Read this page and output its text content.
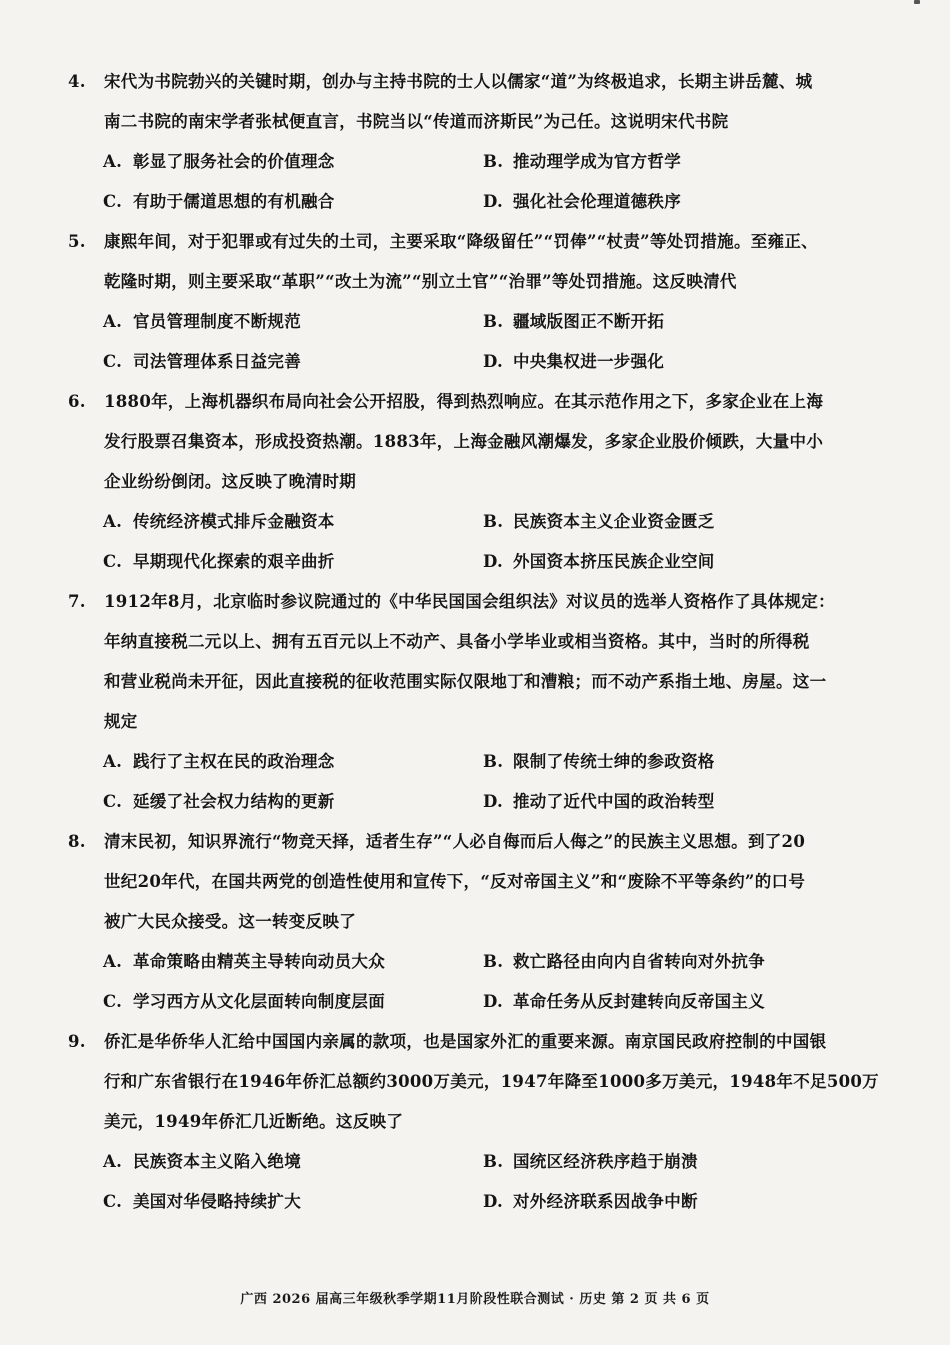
4. 宋代为书院勃兴的关键时期，创办与主持书院的士人以儒家“道”为终极追求，长期主讲岳麓、城
南二书院的南宋学者张栻便直言，书院当以“传道而济斯民”为己任。这说明宋代书院
A. 彰显了服务社会的价值理念	B. 推动理学成为官方哲学
C. 有助于儒道思想的有机融合	D. 强化社会伦理道德秩序
5. 康熙年间，对于犯罪或有过失的土司，主要采取“降级留任”“罚俸”“杖责”等处罚措施。至雍正、
乾隆时期，则主要采取“革职”“改土为流”“别立土官”“治罪”等处罚措施。这反映清代
A. 官员管理制度不断规范	B. 疆域版图正不断开拓
C. 司法管理体系日益完善	D. 中央集权进一步强化
6. 1880年，上海机器织布局向社会公开招股，得到热烈响应。在其示范作用之下，多家企业在上海
发行股票召集资本，形成投资热潮。1883年，上海金融风潮爆发，多家企业股价倾跌，大量中小
企业纷纷倒闭。这反映了晚清时期
A. 传统经济模式排斥金融资本	B. 民族资本主义企业资金匮乏
C. 早期现代化探索的艰辛曲折	D. 外国资本挤压民族企业空间
7. 1912年8月，北京临时参议院通过的《中华民国国会组织法》对议员的选举人资格作了具体规定：
年纳直接税二元以上、拥有五百元以上不动产、具备小学毕业或相当资格。其中，当时的所得税
和营业税尚未开征，因此直接税的征收范围实际仅限地丁和漕粮；而不动产系指土地、房屋。这一
规定
A. 践行了主权在民的政治理念	B. 限制了传统士绅的参政资格
C. 延缓了社会权力结构的更新	D. 推动了近代中国的政治转型
8. 清末民初，知识界流行“物竞天择，适者生存”“人必自侮而后人侮之”的民族主义思想。到了20
世纪20年代，在国共两党的创造性使用和宣传下，“反对帝国主义”和“废除不平等条约”的口号
被广大民众接受。这一转变反映了
A. 革命策略由精英主导转向动员大众	B. 救亡路径由向内自省转向对外抗争
C. 学习西方从文化层面转向制度层面	D. 革命任务从反封建转向反帝国主义
9. 侨汇是华侨华人汇给中国国内亲属的款项，也是国家外汇的重要来源。南京国民政府控制的中国银
行和广东省银行在1946年侨汇总额约3000万美元，1947年降至1000多万美元，1948年不足500万
美元，1949年侨汇几近断绝。这反映了
A. 民族资本主义陷入绝境	B. 国统区经济秩序趋于崩溃
C. 美国对华侵略持续扩大	D. 对外经济联系因战争中断
广西 2026 届高三年级秋季学期11月阶段性联合测试 · 历史 第 2 页 共 6 页
